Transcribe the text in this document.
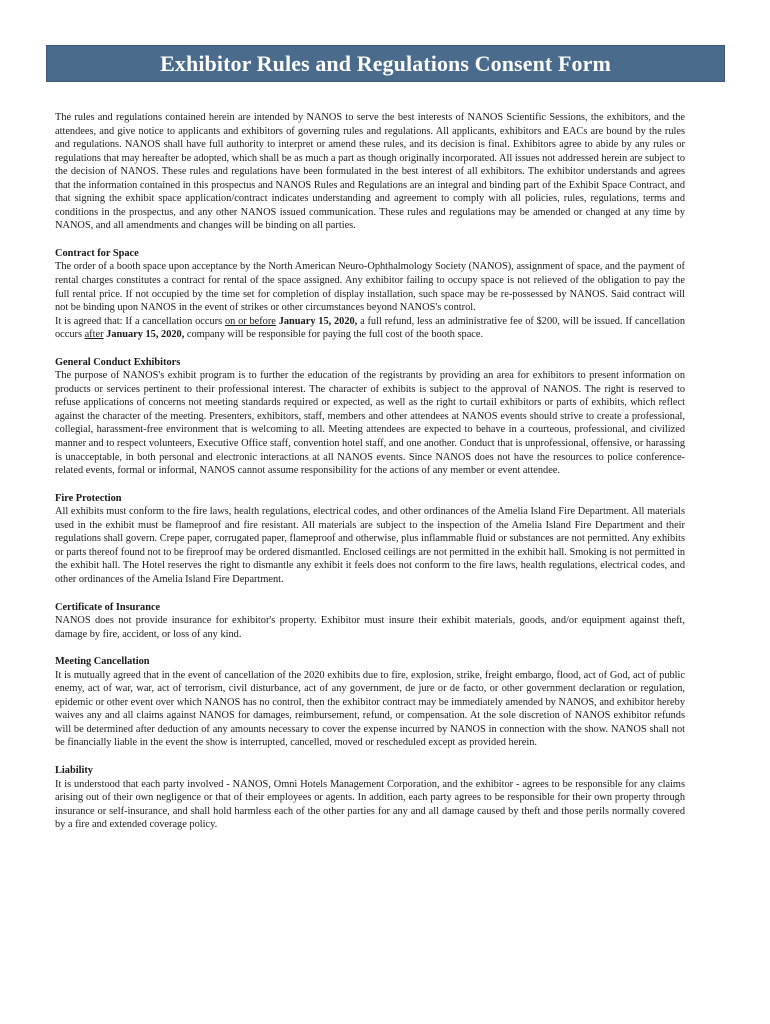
Exhibitor Rules and Regulations Consent Form

The rules and regulations contained herein are intended by NANOS to serve the best interests of NANOS Scientific Sessions, the exhibitors, and the attendees, and give notice to applicants and exhibitors of governing rules and regulations. All applicants, exhibitors and EACs are bound by the rules and regulations. NANOS shall have full authority to interpret or amend these rules, and its decision is final. Exhibitors agree to abide by any rules or regulations that may hereafter be adopted, which shall be as much a part as though originally incorporated. All issues not addressed herein are subject to the decision of NANOS. These rules and regulations have been formulated in the best interest of all exhibitors. The exhibitor understands and agrees that the information contained in this prospectus and NANOS Rules and Regulations are an integral and binding part of the Exhibit Space Contract, and that signing the exhibit space application/contract indicates understanding and agreement to comply with all policies, rules, regulations, terms and conditions in the prospectus, and any other NANOS issued communication. These rules and regulations may be amended or changed at any time by NANOS, and all amendments and changes will be binding on all parties.

Contract for Space

The order of a booth space upon acceptance by the North American Neuro-Ophthalmology Society (NANOS), assignment of space, and the payment of rental charges constitutes a contract for rental of the space assigned. Any exhibitor failing to occupy space is not relieved of the obligation to pay the full rental price. If not occupied by the time set for completion of display installation, such space may be re-possessed by NANOS. Said contract will not be binding upon NANOS in the event of strikes or other circumstances beyond NANOS's control.

It is agreed that: If a cancellation occurs on or before January 15, 2020, a full refund, less an administrative fee of $200, will be issued. If cancellation occurs after January 15, 2020, company will be responsible for paying the full cost of the booth space.

General Conduct Exhibitors

The purpose of NANOS's exhibit program is to further the education of the registrants by providing an area for exhibitors to present information on products or services pertinent to their professional interest. The character of exhibits is subject to the approval of NANOS. The right is reserved to refuse applications of concerns not meeting standards required or expected, as well as the right to curtail exhibitors or parts of exhibits, which reflect against the character of the meeting. Presenters, exhibitors, staff, members and other attendees at NANOS events should strive to create a professional, collegial, harassment-free environment that is welcoming to all. Meeting attendees are expected to behave in a courteous, professional, and civilized manner and to respect volunteers, Executive Office staff, convention hotel staff, and one another. Conduct that is unprofessional, offensive, or harassing is unacceptable, in both personal and electronic interactions at all NANOS events. Since NANOS does not have the resources to police conference-related events, formal or informal, NANOS cannot assume responsibility for the actions of any member or event attendee.

Fire Protection

All exhibits must conform to the fire laws, health regulations, electrical codes, and other ordinances of the Amelia Island Fire Department. All materials used in the exhibit must be flameproof and fire resistant. All materials are subject to the inspection of the Amelia Island Fire Department and their regulations shall govern. Crepe paper, corrugated paper, flameproof and otherwise, plus inflammable fluid or substances are not permitted. Any exhibits or parts thereof found not to be fireproof may be ordered dismantled. Enclosed ceilings are not permitted in the exhibit hall. Smoking is not permitted in the exhibit hall. The Hotel reserves the right to dismantle any exhibit it feels does not conform to the fire laws, health regulations, electrical codes, and other ordinances of the Amelia Island Fire Department.

Certificate of Insurance

NANOS does not provide insurance for exhibitor's property. Exhibitor must insure their exhibit materials, goods, and/or equipment against theft, damage by fire, accident, or loss of any kind.

Meeting Cancellation

It is mutually agreed that in the event of cancellation of the 2020 exhibits due to fire, explosion, strike, freight embargo, flood, act of God, act of public enemy, act of war, war, act of terrorism, civil disturbance, act of any government, de jure or de facto, or other government declaration or regulation, epidemic or other event over which NANOS has no control, then the exhibitor contract may be immediately amended by NANOS, and exhibitor hereby waives any and all claims against NANOS for damages, reimbursement, refund, or compensation. At the sole discretion of NANOS exhibitor refunds will be determined after deduction of any amounts necessary to cover the expense incurred by NANOS in connection with the show. NANOS shall not be financially liable in the event the show is interrupted, cancelled, moved or rescheduled except as provided herein.

Liability

It is understood that each party involved - NANOS, Omni Hotels Management Corporation, and the exhibitor - agrees to be responsible for any claims arising out of their own negligence or that of their employees or agents. In addition, each party agrees to be responsible for their own property through insurance or self-insurance, and shall hold harmless each of the other parties for any and all damage caused by theft and those perils normally covered by a fire and extended coverage policy.
